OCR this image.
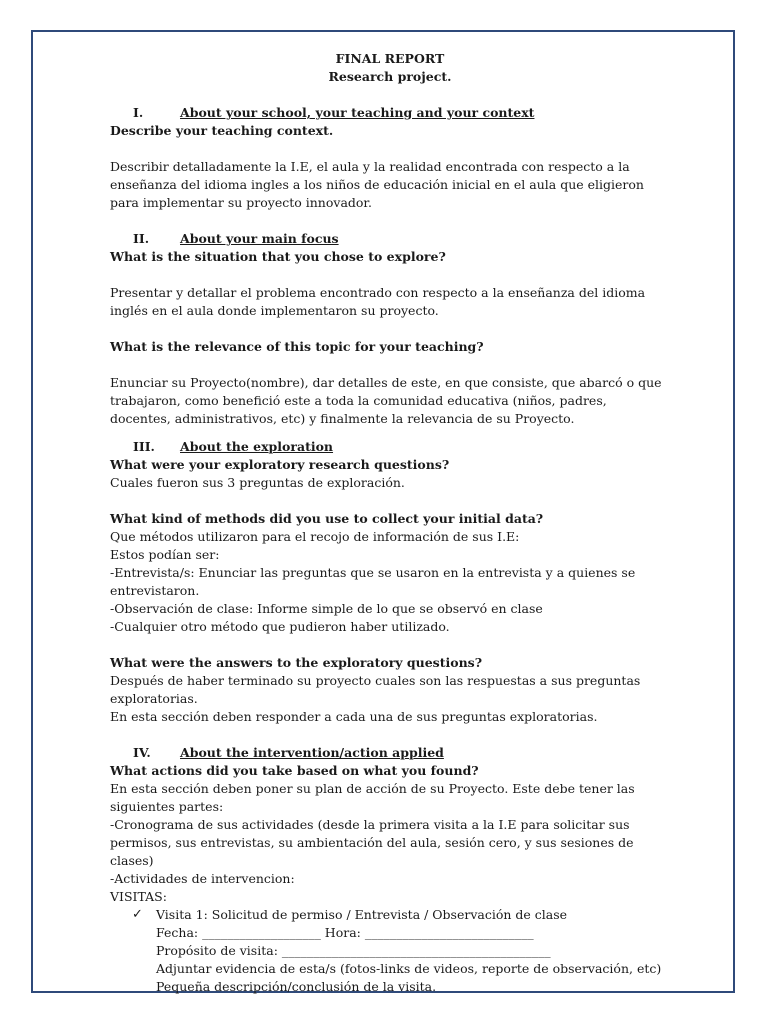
FINAL REPORT

Research project.

I.	About your school, your teaching and your context

Describe your teaching context.

Describir detalladamente la I.E, el aula y la realidad encontrada con respecto a la enseñanza del idioma ingles a los niños de educación inicial en el aula que eligieron para implementar su proyecto innovador.

II. About your main focus

What is the situation that you chose to explore?

Presentar y detallar el problema encontrado con respecto a la enseñanza del idioma inglés en el aula donde implementaron su proyecto.

What is the relevance of this topic for your teaching?

Enunciar su Proyecto(nombre), dar detalles de este, en que consiste, que abarcó o que trabajaron, como benefició este a toda la comunidad educativa (niños, padres, docentes, administrativos, etc) y finalmente la relevancia de su Proyecto.

III. About the exploration

What were your exploratory research questions?

Cuales fueron sus 3 preguntas de exploración.

What kind of methods did you use to collect your initial data?

Que métodos utilizaron para el recojo de información de sus I.E:

Estos podían ser:

-Entrevista/s: Enunciar las preguntas que se usaron en la entrevista y a quienes se entrevistaron.

-Observación de clase: Informe simple de lo que se observó en clase

-Cualquier otro método que pudieron haber utilizado.

What were the answers to the exploratory questions?

Después de haber terminado su proyecto cuales son las respuestas a sus preguntas exploratorias.

En esta sección deben responder a cada una de sus preguntas exploratorias.

IV. About the intervention/action applied

What actions did you take based on what you found?

En esta sección deben poner su plan de acción de su Proyecto. Este debe tener las siguientes partes:

-Cronograma de sus actividades (desde la primera visita a la I.E para solicitar sus permisos, sus entrevistas, su ambientación del aula, sesión cero, y sus sesiones de clases)

-Actividades de intervencion:

VISITAS:

✓ Visita 1: Solicitud de permiso / Entrevista / Observación de clase

Fecha: ___________________ Hora: ___________________________

Propósito de visita: ___________________________________________

Adjuntar evidencia de esta/s (fotos-links de videos, reporte de observación, etc)

Pequeña descripción/conclusión de la visita.
